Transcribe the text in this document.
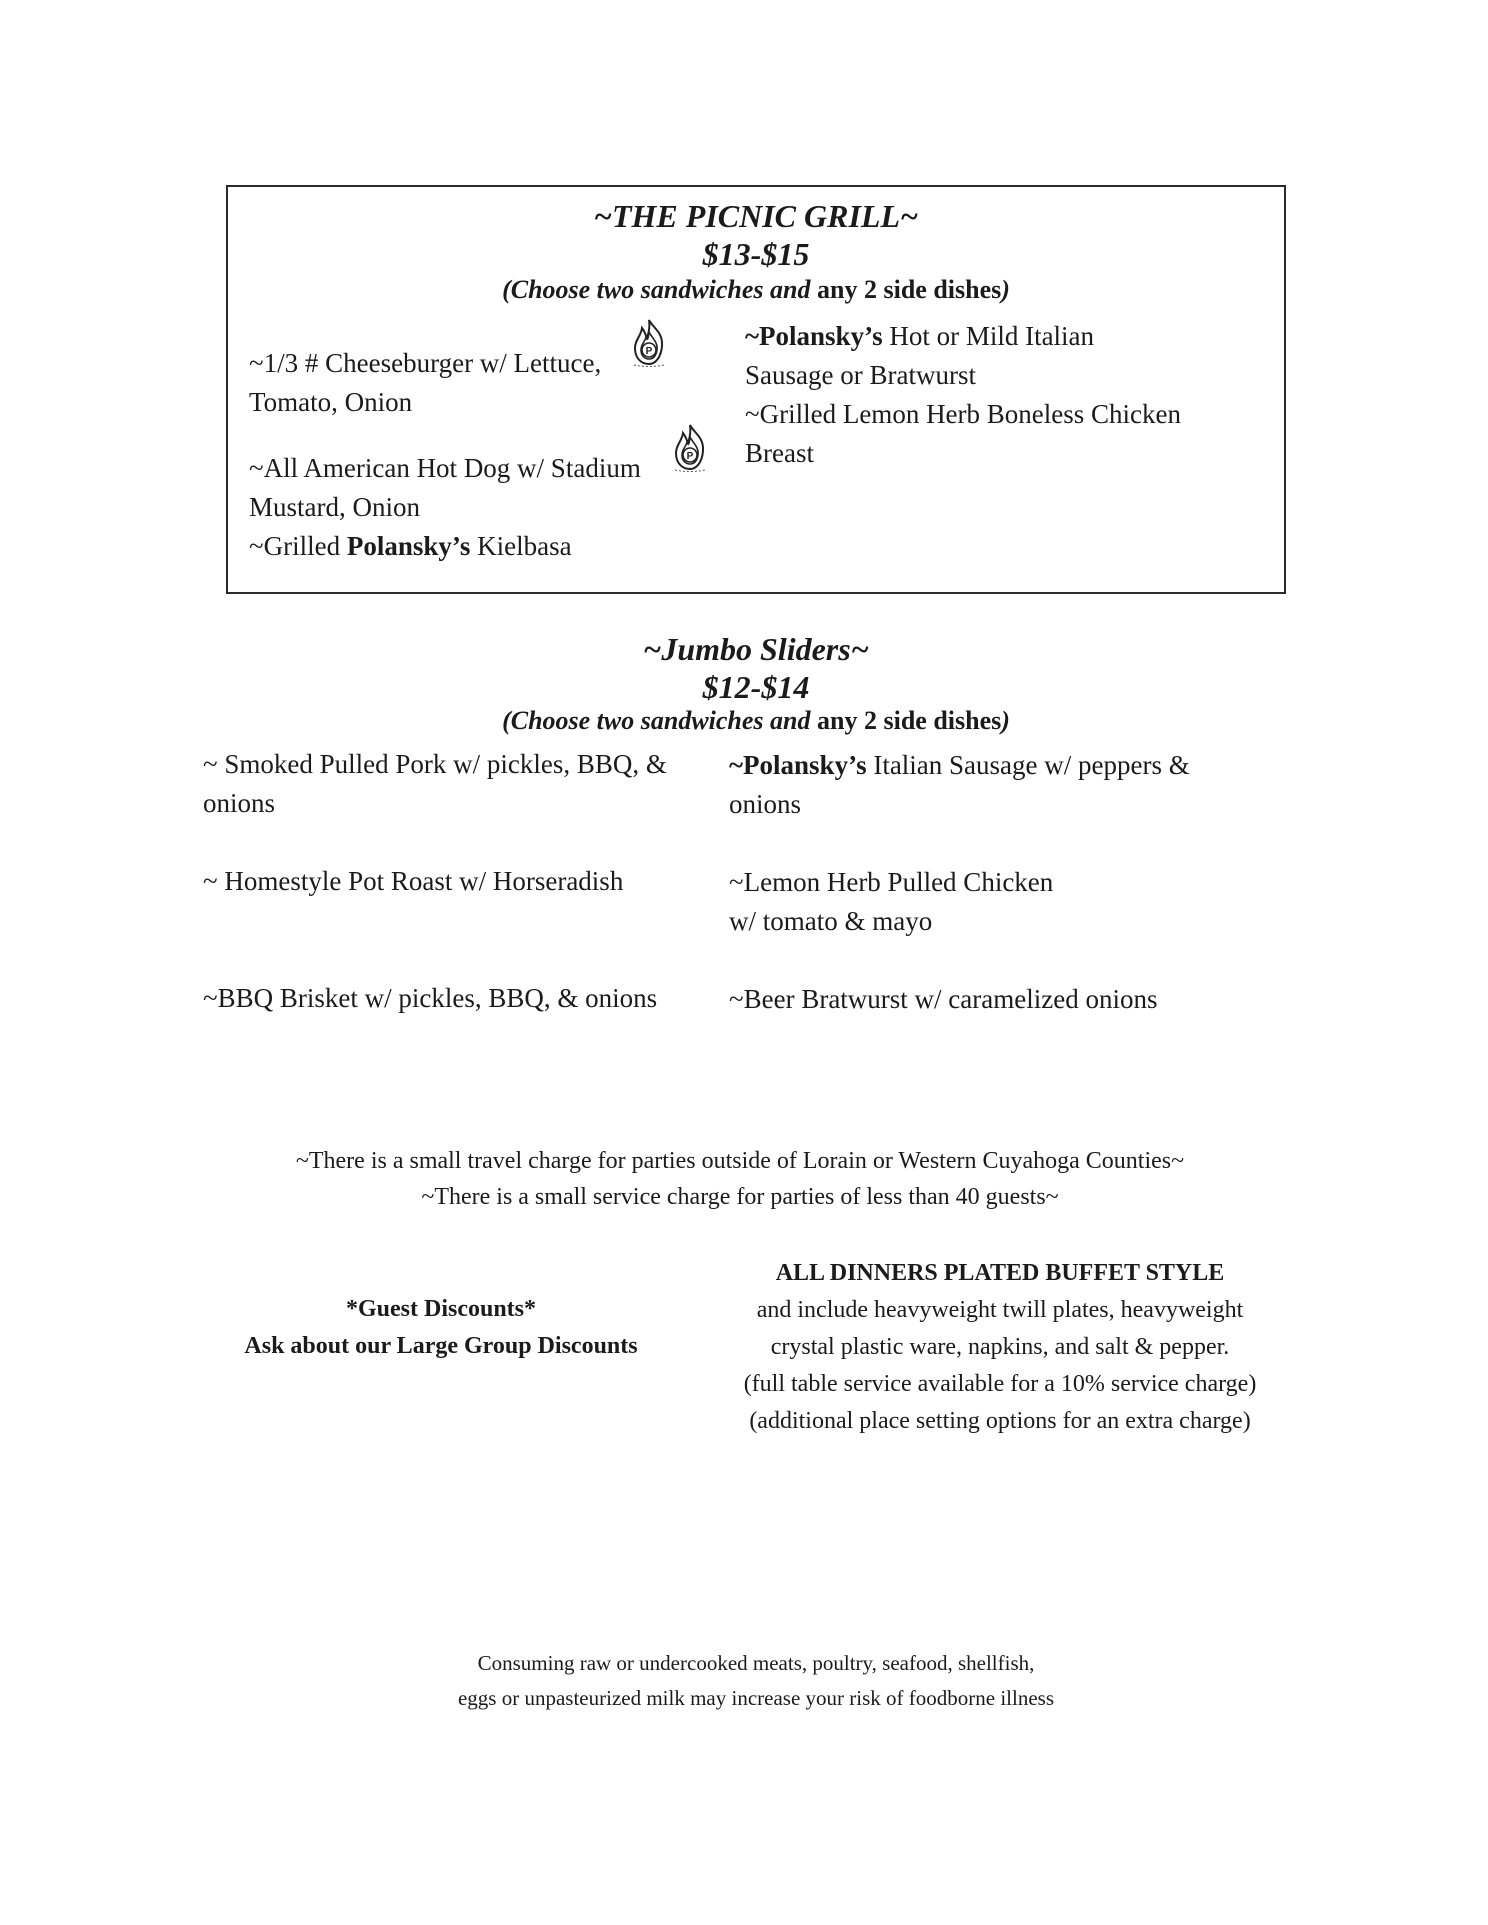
~THE PICNIC GRILL~
$13-$15
(Choose two sandwiches and any 2 side dishes)
~1/3 # Cheeseburger w/ Lettuce,
Tomato, Onion
~All American Hot Dog w/ Stadium
Mustard, Onion
~Grilled Polansky’s Kielbasa
P
P
~Polansky’s Hot or Mild Italian
Sausage or Bratwurst
~Grilled Lemon Herb Boneless Chicken
Breast
~Jumbo Sliders~
$12-$14
(Choose two sandwiches and any 2 side dishes)
~ Smoked Pulled Pork w/ pickles, BBQ, &
onions
~ Homestyle Pot Roast w/ Horseradish
~BBQ Brisket w/ pickles, BBQ, & onions
~Polansky’s Italian Sausage w/ peppers &
onions
~Lemon Herb Pulled Chicken
w/ tomato & mayo
~Beer Bratwurst w/ caramelized onions
~There is a small travel charge for parties outside of Lorain or Western Cuyahoga Counties~
~There is a small service charge for parties of less than 40 guests~
*Guest Discounts*
Ask about our Large Group Discounts
ALL DINNERS PLATED BUFFET STYLE
and include heavyweight twill plates, heavyweight
crystal plastic ware, napkins, and salt & pepper.
(full table service available for a 10% service charge)
(additional place setting options for an extra charge)
Consuming raw or undercooked meats, poultry, seafood, shellfish,
eggs or unpasteurized milk may increase your risk of foodborne illness
